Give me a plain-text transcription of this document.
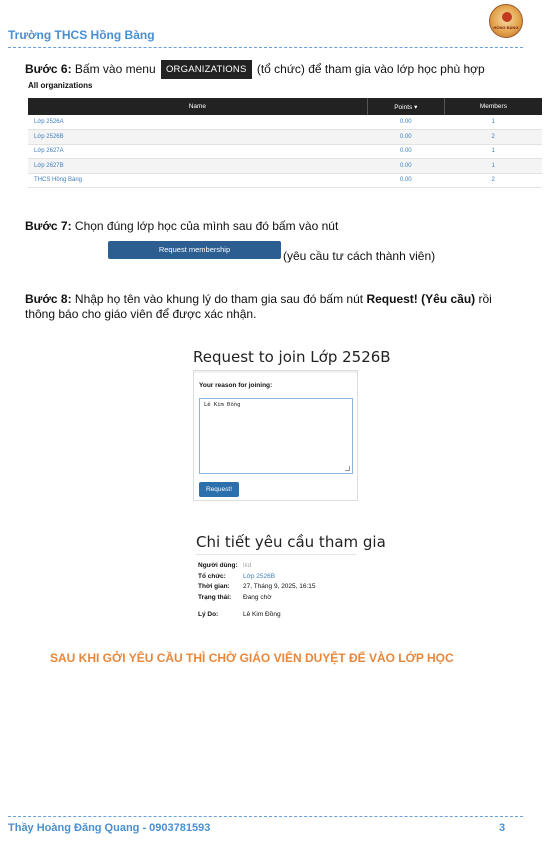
Trường THCS Hồng Bàng
HỒNG BÀNG
Bước 6: Bấm vào menu ORGANIZATIONS (tổ chức) để tham gia vào lớp học phù hợp
All organizations
Name	Points ▾	Members
Lớp 2526A	0.00	1
Lớp 2526B	0.00	2
Lớp 2627A	0.00	1
Lớp 2627B	0.00	1
THCS Hồng Bàng	0.00	2
Bước 7: Chọn đúng lớp học của mình sau đó bấm vào nút
Request membership	(yêu cầu tư cách thành viên)
Bước 8: Nhập họ tên vào khung lý do tham gia sau đó bấm nút Request! (Yêu cầu) rồi
thông báo cho giáo viên để được xác nhận.
Request to join Lớp 2526B
Your reason for joining:
Lê Kim Đồng
Request!
Chi tiết yêu cầu tham gia
Người dùng: lkd
Tổ chức:	Lớp 2526B
Thời gian: 27, Tháng 9, 2025, 16:15
Trạng thái: Đang chờ
Lý Do:	Lê Kim Đồng
SAU KHI GỞI YÊU CẦU THÌ CHỜ GIÁO VIÊN DUYỆT ĐỂ VÀO LỚP HỌC
Thầy Hoàng Đăng Quang - 0903781593	3
